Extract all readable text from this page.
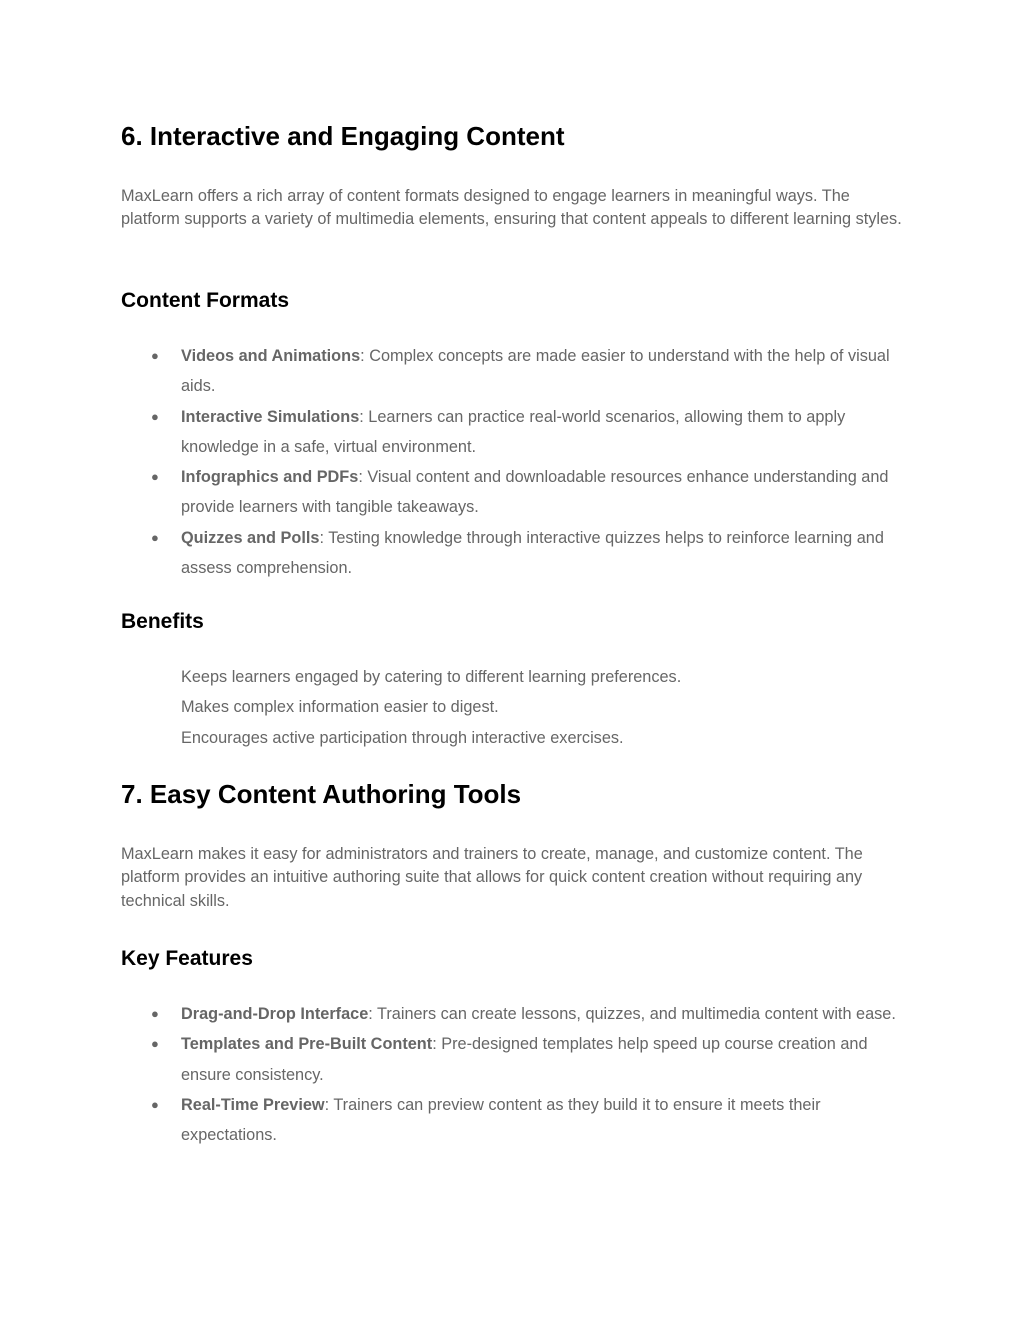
6. Interactive and Engaging Content

MaxLearn offers a rich array of content formats designed to engage learners in meaningful ways. The platform supports a variety of multimedia elements, ensuring that content appeals to different learning styles.

Content Formats
● Videos and Animations: Complex concepts are made easier to understand with the help of visual aids.
● Interactive Simulations: Learners can practice real-world scenarios, allowing them to apply knowledge in a safe, virtual environment.
● Infographics and PDFs: Visual content and downloadable resources enhance understanding and provide learners with tangible takeaways.
● Quizzes and Polls: Testing knowledge through interactive quizzes helps to reinforce learning and assess comprehension.
Benefits
Keeps learners engaged by catering to different learning preferences.
Makes complex information easier to digest.
Encourages active participation through interactive exercises.
7. Easy Content Authoring Tools

MaxLearn makes it easy for administrators and trainers to create, manage, and customize content. The platform provides an intuitive authoring suite that allows for quick content creation without requiring any technical skills.

Key Features
● Drag-and-Drop Interface: Trainers can create lessons, quizzes, and multimedia content with ease.
● Templates and Pre-Built Content: Pre-designed templates help speed up course creation and ensure consistency.
● Real-Time Preview: Trainers can preview content as they build it to ensure it meets their expectations.
